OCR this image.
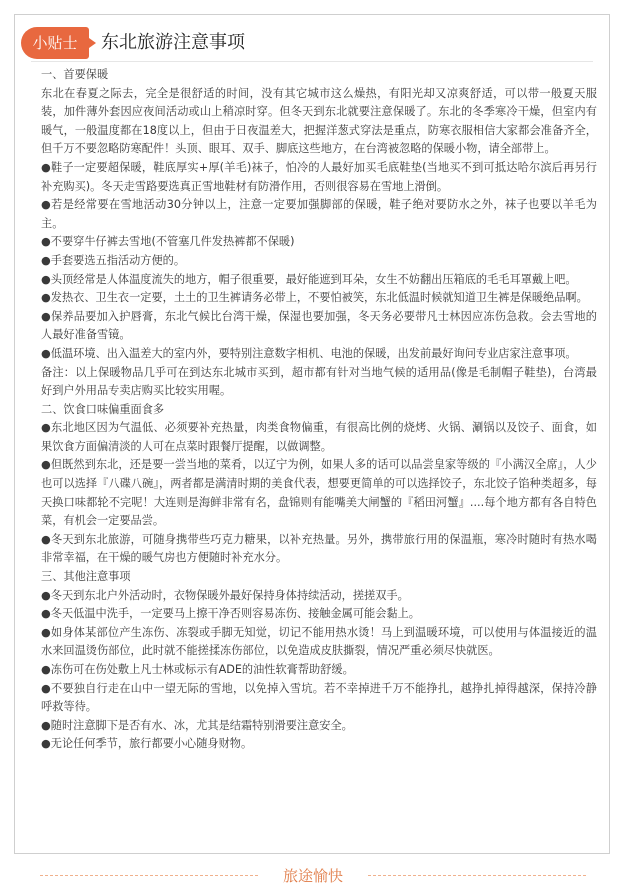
小贴士	东北旅游注意事项

一、首要保暖

东北在春夏之际去，完全是很舒适的时间，没有其它城市这么燥热，有阳光却又凉爽舒适，可以带一般夏天服装，加件薄外套因应夜间活动或山上稍凉时穿。但冬天到东北就要注意保暖了。东北的冬季寒冷干燥，但室内有暖气，一般温度都在18度以上，但由于日夜温差大，把握洋葱式穿法是重点，防寒衣服相信大家都会准备齐全，但千万不要忽略防寒配件！头顶、眼耳、双手、脚底这些地方，在台湾被忽略的保暖小物，请全部带上。

●鞋子一定要超保暖，鞋底厚实+厚(羊毛)袜子，怕冷的人最好加买毛底鞋垫(当地买不到可抵达哈尔滨后再另行补充购买)。冬天走雪路要选真正雪地鞋材有防滑作用，否则很容易在雪地上滑倒。

●若是经常要在雪地活动30分钟以上，注意一定要加强脚部的保暖，鞋子绝对要防水之外，袜子也要以羊毛为主。

●不要穿牛仔裤去雪地(不管塞几件发热裤都不保暖)

●手套要选五指活动方便的。

●头顶经常是人体温度流失的地方，帽子很重要，最好能遮到耳朵，女生不妨翻出压箱底的毛毛耳罩戴上吧。

●发热衣、卫生衣一定要，土土的卫生裤请务必带上，不要怕被笑，东北低温时候就知道卫生裤是保暖绝品啊。

●保养品要加入护唇膏，东北气候比台湾干燥，保湿也要加强，冬天务必要带凡士林因应冻伤急救。会去雪地的人最好准备雪镜。

●低温环境、出入温差大的室内外，要特别注意数字相机、电池的保暖，出发前最好询问专业店家注意事项。

备注：以上保暖物品几乎可在到达东北城市买到，超市都有针对当地气候的适用品(像是毛制帽子鞋垫)，台湾最好到户外用品专卖店购买比较实用喔。

二、饮食口味偏重面食多

●东北地区因为气温低、必须要补充热量，肉类食物偏重，有很高比例的烧烤、火锅、涮锅以及饺子、面食，如果饮食方面偏清淡的人可在点菜时跟餐厅提醒，以做调整。

●但既然到东北，还是要一尝当地的菜肴，以辽宁为例，如果人多的话可以品尝皇家等级的『小满汉全席』，人少也可以选择『八碟八碗』，两者都是满清时期的美食代表，想要更简单的可以选择饺子，东北饺子馅种类超多，每天换口味都轮不完呢！大连则是海鲜非常有名，盘锦则有能嘴美大闸蟹的『稻田河蟹』....每个地方都有各自特色菜，有机会一定要品尝。

●冬天到东北旅游，可随身携带些巧克力糖果，以补充热量。另外，携带旅行用的保温瓶，寒冷时随时有热水喝非常幸福，在干燥的暖气房也方便随时补充水分。

三、其他注意事项

●冬天到东北户外活动时，衣物保暖外最好保持身体持续活动，搓搓双手。

●冬天低温中洗手，一定要马上擦干净否则容易冻伤、接触金属可能会黏上。

●如身体某部位产生冻伤、冻裂或手脚无知觉，切记不能用热水烫！马上到温暖环境，可以使用与体温接近的温水来回温烫伤部位，此时就不能搓揉冻伤部位，以免造成皮肤撕裂，情况严重必须尽快就医。

●冻伤可在伤处敷上凡士林或标示有ADE的油性软膏帮助舒缓。

●不要独自行走在山中一望无际的雪地，以免掉入雪坑。若不幸掉进千万不能挣扎，越挣扎掉得越深，保持冷静呼救等待。

●随时注意脚下是否有水、冰，尤其是结霜特别滑要注意安全。

●无论任何季节，旅行都要小心随身财物。

旅途愉快
